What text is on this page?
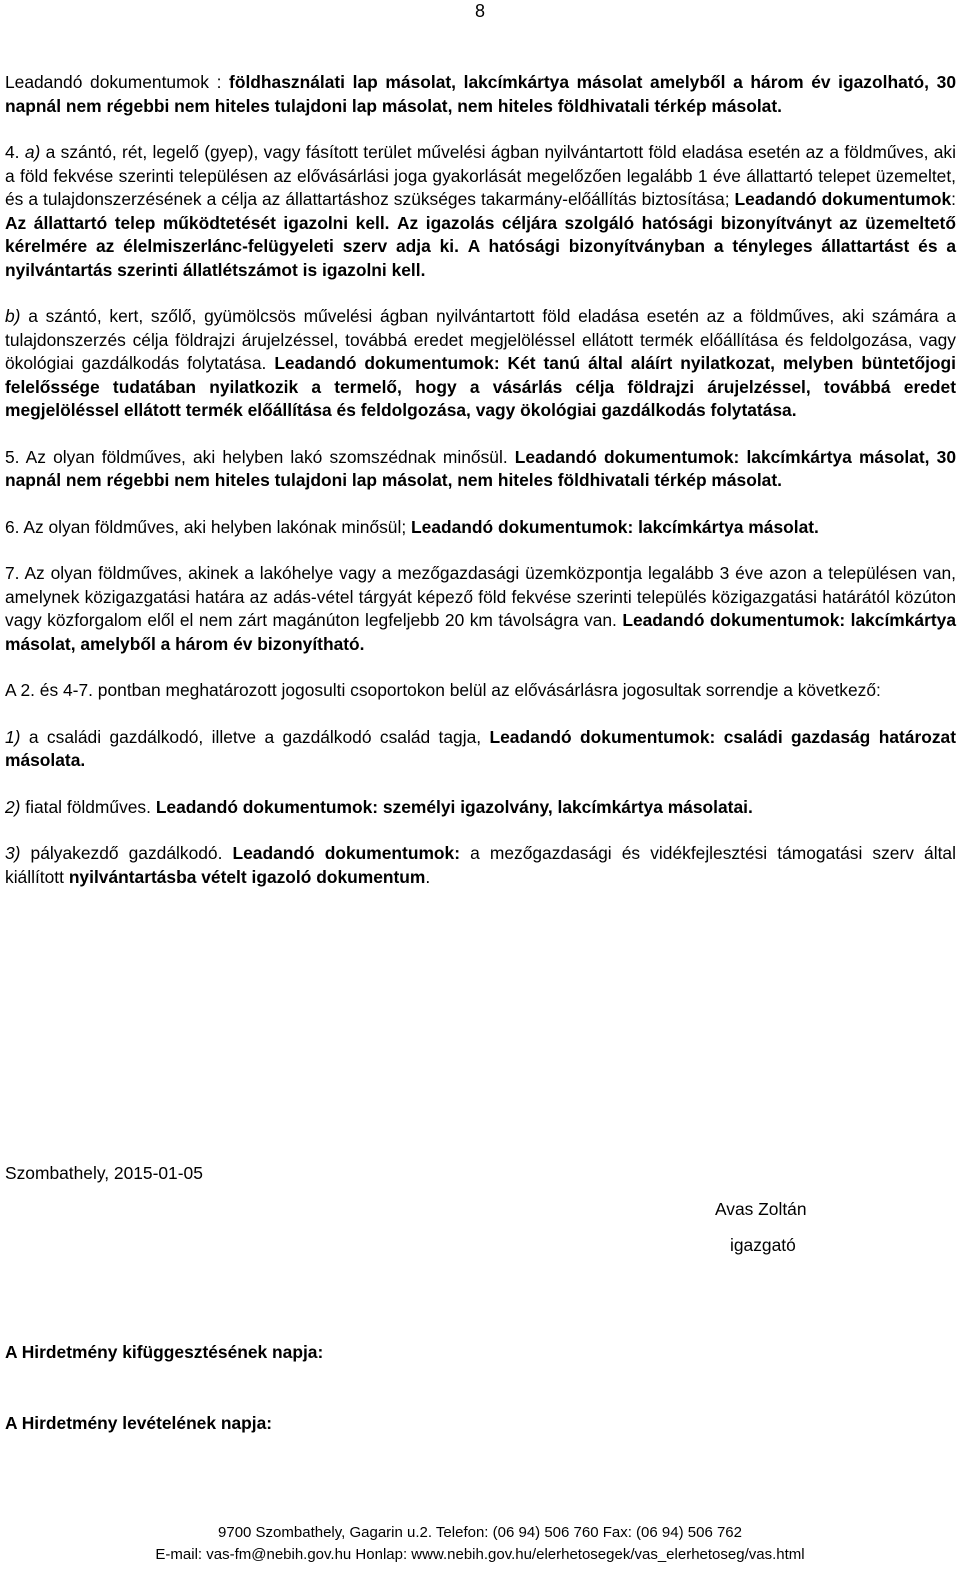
8

Leadandó dokumentumok : földhasználati lap másolat, lakcímkártya másolat amelyből a három év igazolható, 30 napnál nem régebbi nem hiteles tulajdoni lap másolat, nem hiteles földhivatali térkép másolat.

4. a) a szántó, rét, legelő (gyep), vagy fásított terület művelési ágban nyilvántartott föld eladása esetén az a földműves, aki a föld fekvése szerinti településen az elővásárlási joga gyakorlását megelőzően legalább 1 éve állattartó telepet üzemeltet, és a tulajdonszerzésének a célja az állattartáshoz szükséges takarmány-előállítás biztosítása; Leadandó dokumentumok: Az állattartó telep működtetését igazolni kell. Az igazolás céljára szolgáló hatósági bizonyítványt az üzemeltető kérelmére az élelmiszerlánc-felügyeleti szerv adja ki. A hatósági bizonyítványban a tényleges állattartást és a nyilvántartás szerinti állatlétszámot is igazolni kell.

b) a szántó, kert, szőlő, gyümölcsös művelési ágban nyilvántartott föld eladása esetén az a földműves, aki számára a tulajdonszerzés célja földrajzi árujelzéssel, továbbá eredet megjelöléssel ellátott termék előállítása és feldolgozása, vagy ökológiai gazdálkodás folytatása. Leadandó dokumentumok: Két tanú által aláírt nyilatkozat, melyben büntetőjogi felelőssége tudatában nyilatkozik a termelő, hogy a vásárlás célja földrajzi árujelzéssel, továbbá eredet megjelöléssel ellátott termék előállítása és feldolgozása, vagy ökológiai gazdálkodás folytatása.

5. Az olyan földműves, aki helyben lakó szomszédnak minősül. Leadandó dokumentumok: lakcímkártya másolat, 30 napnál nem régebbi nem hiteles tulajdoni lap másolat, nem hiteles földhivatali térkép másolat.

6. Az olyan földműves, aki helyben lakónak minősül; Leadandó dokumentumok: lakcímkártya másolat.

7. Az olyan földműves, akinek a lakóhelye vagy a mezőgazdasági üzemközpontja legalább 3 éve azon a településen van, amelynek közigazgatási határa az adás-vétel tárgyát képező föld fekvése szerinti település közigazgatási határától közúton vagy közforgalom elől el nem zárt magánúton legfeljebb 20 km távolságra van. Leadandó dokumentumok: lakcímkártya másolat, amelyből a három év bizonyítható.

A 2. és 4-7. pontban meghatározott jogosulti csoportokon belül az elővásárlásra jogosultak sorrendje a következő:

1) a családi gazdálkodó, illetve a gazdálkodó család tagja, Leadandó dokumentumok: családi gazdaság határozat másolata.

2) fiatal földműves. Leadandó dokumentumok: személyi igazolvány, lakcímkártya másolatai.

3) pályakezdő gazdálkodó. Leadandó dokumentumok: a mezőgazdasági és vidékfejlesztési támogatási szerv által kiállított nyilvántartásba vételt igazoló dokumentum.

Szombathely, 2015-01-05
Avas Zoltán
igazgató
A Hirdetmény kifüggesztésének napja:
A Hirdetmény levételének napja:
9700 Szombathely, Gagarin u.2. Telefon: (06 94) 506 760 Fax: (06 94) 506 762
E-mail: vas-fm@nebih.gov.hu Honlap: www.nebih.gov.hu/elerhetosegek/vas_elerhetoseg/vas.html
